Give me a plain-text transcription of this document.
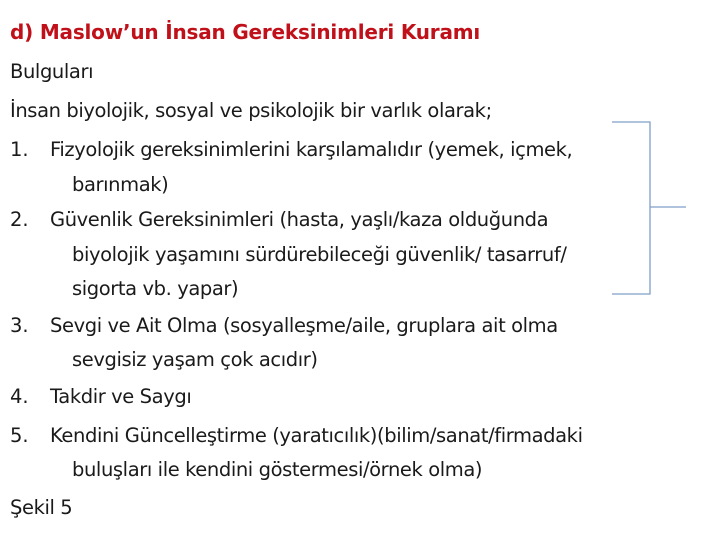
d) Maslow’un İnsan Gereksinimleri Kuramı
Bulguları
İnsan biyolojik, sosyal ve psikolojik bir varlık olarak;
1. Fizyolojik gereksinimlerini karşılamalıdır (yemek, içmek,
barınmak)
2. Güvenlik Gereksinimleri (hasta, yaşlı/kaza olduğunda
biyolojik yaşamını sürdürebileceği güvenlik/ tasarruf/
sigorta vb. yapar)
3. Sevgi ve Ait Olma (sosyalleşme/aile, gruplara ait olma
sevgisiz yaşam çok acıdır)
4. Takdir ve Saygı
5. Kendini Güncelleştirme (yaratıcılık)(bilim/sanat/firmadaki
buluşları ile kendini göstermesi/örnek olma)
Şekil 5
